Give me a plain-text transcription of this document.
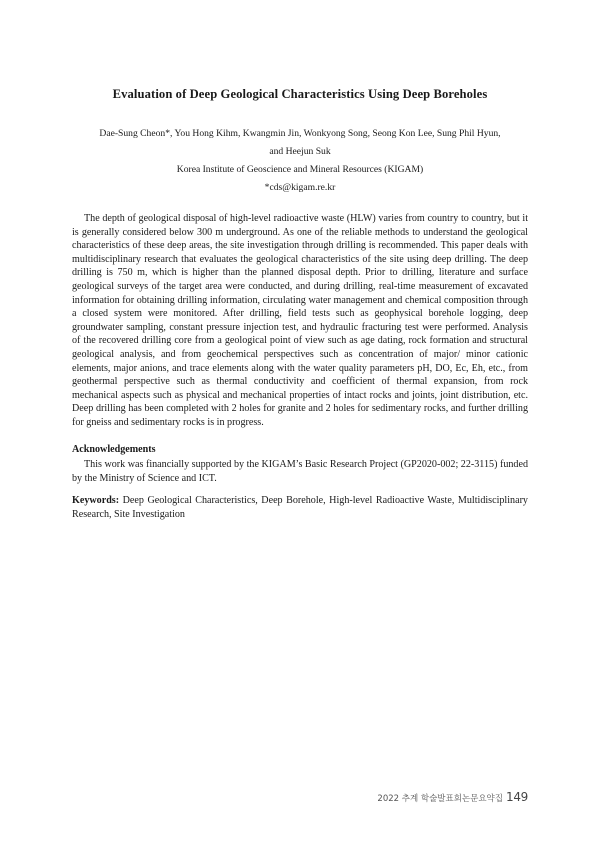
Evaluation of Deep Geological Characteristics Using Deep Boreholes
Dae-Sung Cheon*, You Hong Kihm, Kwangmin Jin, Wonkyong Song, Seong Kon Lee, Sung Phil Hyun,
and Heejun Suk
Korea Institute of Geoscience and Mineral Resources (KIGAM)
*cds@kigam.re.kr

The depth of geological disposal of high-level radioactive waste (HLW) varies from country to country, but it is generally considered below 300 m underground. As one of the reliable methods to understand the geological characteristics of these deep areas, the site investigation through drilling is recommended. This paper deals with multidisciplinary research that evaluates the geological characteristics of the site using deep drilling. The deep drilling is 750 m, which is higher than the planned disposal depth. Prior to drilling, literature and surface geological surveys of the target area were conducted, and during drilling, real-time measurement of excavated information for obtaining drilling information, circulating water management and chemical composition through a closed system were monitored. After drilling, field tests such as geophysical borehole logging, deep groundwater sampling, constant pressure injection test, and hydraulic fracturing test were performed. Analysis of the recovered drilling core from a geological point of view such as age dating, rock formation and structural geological analysis, and from geochemical perspectives such as concentration of major/ minor cationic elements, major anions, and trace elements along with the water quality parameters pH, DO, Ec, Eh, etc., from geothermal perspective such as thermal conductivity and coefficient of thermal expansion, from rock mechanical aspects such as physical and mechanical properties of intact rocks and joints, joint distribution, etc. Deep drilling has been completed with 2 holes for granite and 2 holes for sedimentary rocks, and further drilling for gneiss and sedimentary rocks is in progress.

Acknowledgements

This work was financially supported by the KIGAM’s Basic Research Project (GP2020-002; 22-3115) funded by the Ministry of Science and ICT.

Keywords: Deep Geological Characteristics, Deep Borehole, High-level Radioactive Waste, Multidisciplinary Research, Site Investigation

2022 추계 학술발표회논문요약집 149
